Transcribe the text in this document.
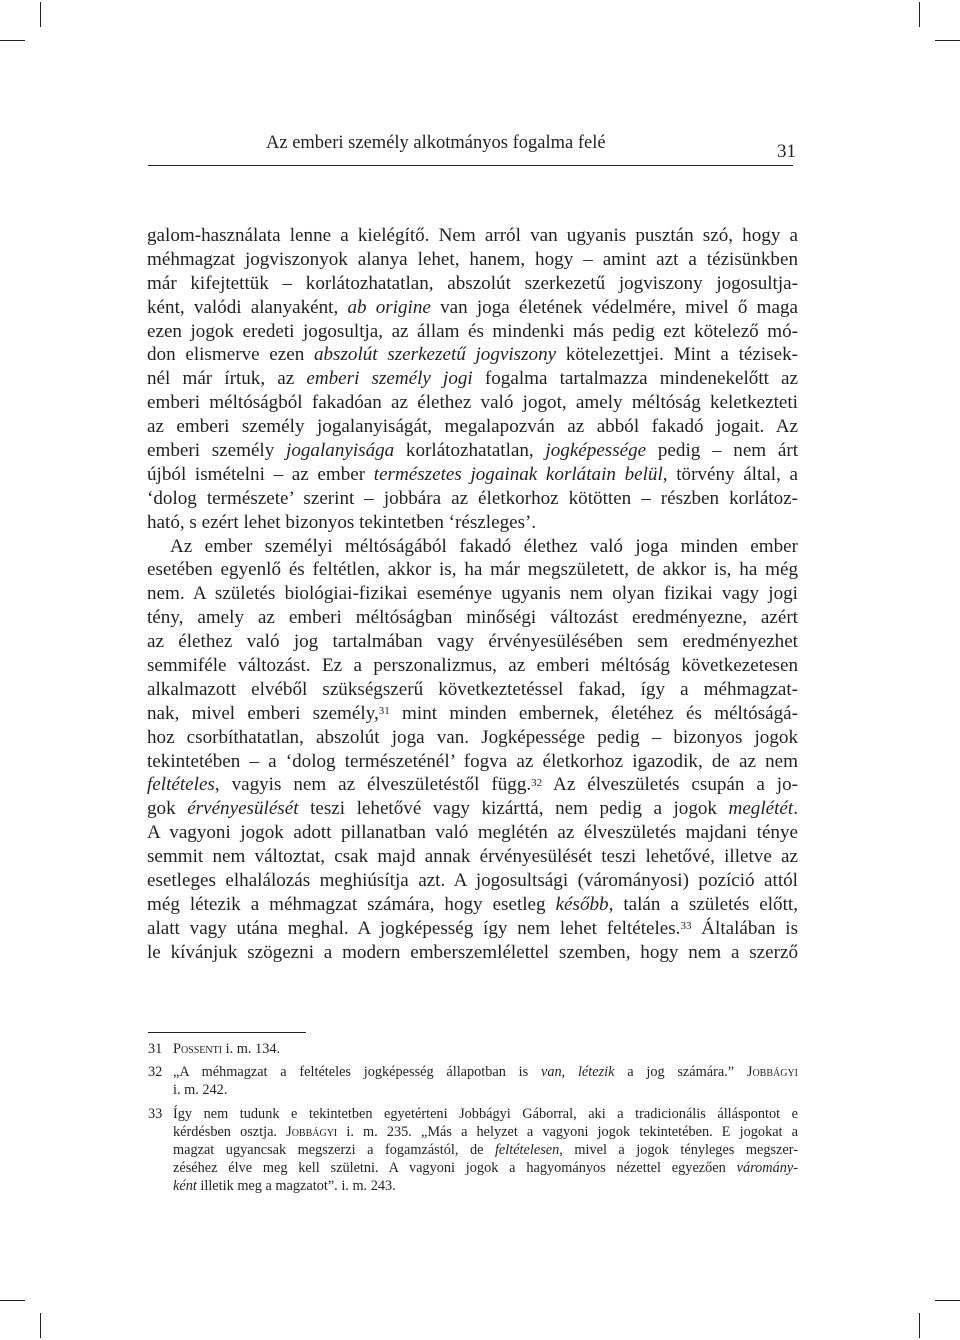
Az emberi személy alkotmányos fogalma felé	31
galom-használata lenne a kielégítő. Nem arról van ugyanis pusztán szó, hogy a
méhmagzat jogviszonyok alanya lehet, hanem, hogy – amint azt a tézisünkben
már kifejtettük – korlátozhatatlan, abszolút szerkezetű jogviszony jogosultja-
ként, valódi alanyaként, ab origine van joga életének védelmére, mivel ő maga
ezen jogok eredeti jogosultja, az állam és mindenki más pedig ezt kötelező mó-
don elismerve ezen abszolút szerkezetű jogviszony kötelezettjei. Mint a tézisek-
nél már írtuk, az emberi személy jogi fogalma tartalmazza mindenekelőtt az
emberi méltóságból fakadóan az élethez való jogot, amely méltóság keletkezteti
az emberi személy jogalanyiságát, megalapozván az abból fakadó jogait. Az
emberi személy jogalanyisága korlátozhatatlan, jogképessége pedig – nem árt
újból ismételni – az ember természetes jogainak korlátain belül, törvény által, a
‘dolog természete’ szerint – jobbára az életkorhoz kötötten – részben korlátoz-
ható, s ezért lehet bizonyos tekintetben ‘részleges’.
Az ember személyi méltóságából fakadó élethez való joga minden ember
esetében egyenlő és feltétlen, akkor is, ha már megszületett, de akkor is, ha még
nem. A születés biológiai-fizikai eseménye ugyanis nem olyan fizikai vagy jogi
tény, amely az emberi méltóságban minőségi változást eredményezne, azért
az élethez való jog tartalmában vagy érvényesülésében sem eredményezhet
semmiféle változást. Ez a perszonalizmus, az emberi méltóság következetesen
alkalmazott elvéből szükségszerű következtetéssel fakad, így a méhmagzat-
nak, mivel emberi személy,$^{31}$ mint minden embernek, életéhez és méltóságá-
hoz csorbíthatatlan, abszolút joga van. Jogképessége pedig – bizonyos jogok
tekintetében – a ‘dolog természeténél’ fogva az életkorhoz igazodik, de az nem
feltételes, vagyis nem az élveszületéstől függ.$^{32}$ Az élveszületés csupán a jo-
gok érvényesülését teszi lehetővé vagy kizárttá, nem pedig a jogok meglétét.
A vagyoni jogok adott pillanatban való meglétén az élveszületés majdani ténye
semmit nem változtat, csak majd annak érvényesülését teszi lehetővé, illetve az
esetleges elhalálozás meghiúsítja azt. A jogosultsági (várományosi) pozíció attól
még létezik a méhmagzat számára, hogy esetleg később, talán a születés előtt,
alatt vagy utána meghal. A jogképesség így nem lehet feltételes.$^{33}$ Általában is
le kívánjuk szögezni a modern emberszemlélettel szemben, hogy nem a szerző
31 Possenti i. m. 134.
32 „A méhmagzat a feltételes jogképesség állapotban is van, létezik a jog számára.” Jobbágyi
i. m. 242.
33 Így nem tudunk e tekintetben egyetérteni Jobbágyi Gáborral, aki a tradicionális álláspontot e
kérdésben osztja. Jobbágyi i. m. 235. „Más a helyzet a vagyoni jogok tekintetében. E jogokat a
magzat ugyancsak megszerzi a fogamzástól, de feltételesen, mivel a jogok tényleges megszer-
zéséhez élve meg kell születni. A vagyoni jogok a hagyományos nézettel egyezően váromány-
ként illetik meg a magzatot”. i. m. 243.
